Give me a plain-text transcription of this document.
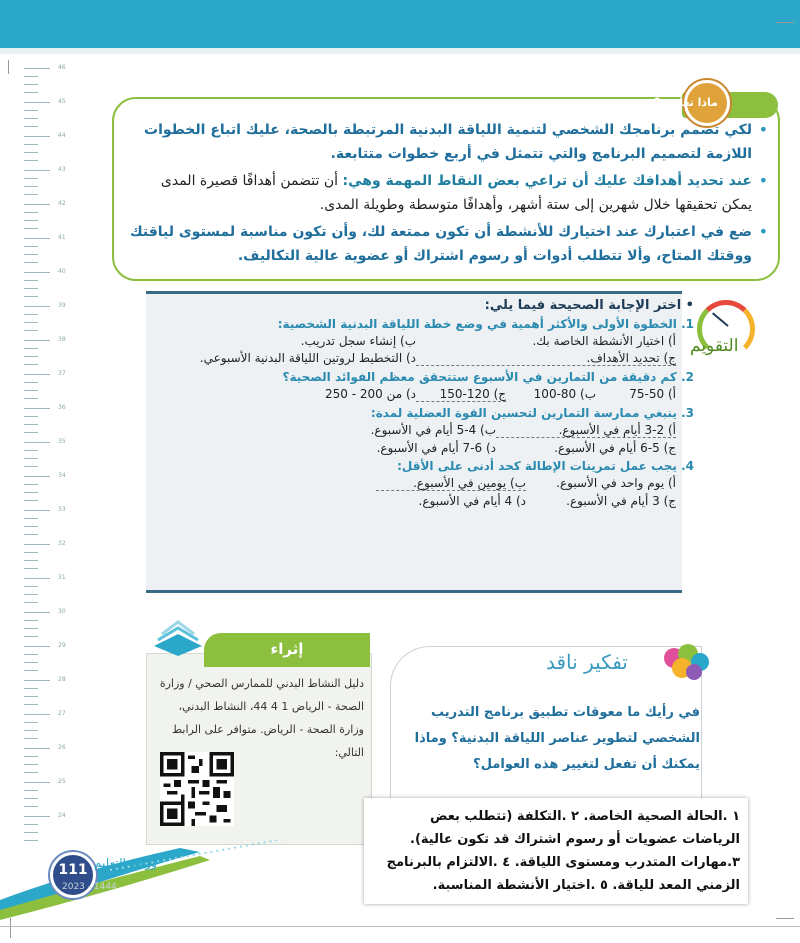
46
45
44
43
42
41
40
39
38
37
36
35
34
33
32
31
30
29
28
27
26
25
24
ماذا تعلمت؟
• لكي تصمم برنامجك الشخصي لتنمية اللياقة البدنية المرتبطة بالصحة، عليك اتباع الخطوات اللازمة لتصميم البرنامج والتي تتمثل في أربع خطوات متتابعة.
• عند تحديد أهدافك عليك أن تراعي بعض النقاط المهمة وهي: أن تتضمن أهدافًا قصيرة المدى يمكن تحقيقها خلال شهرين إلى ستة أشهر، وأهدافًا متوسطة وطويلة المدى.
• ضع في اعتبارك عند اختيارك للأنشطة أن تكون ممتعة لك، وأن تكون مناسبة لمستوى لياقتك ووقتك المتاح، وألا تتطلب أدوات أو رسوم اشتراك أو عضوية عالية التكاليف.
التقويم
• اختر الإجابة الصحيحة فيما يلي:
1. الخطوة الأولى والأكثر أهمية في وضع خطة اللياقة البدنية الشخصية:
أ) اختيار الأنشطة الخاصة بك.
ب) إنشاء سجل تدريب.
ج) تحديد الأهداف.
د) التخطيط لروتين اللياقة البدنية الأسبوعي.
2. كم دقيقة من التمارين في الأسبوع ستتحقق معظم الفوائد الصحية؟
أ) 50-75
ب) 80-100
ج) 120-150
د) من 200 - 250
3. ينبغي ممارسة التمارين لتحسين القوة العضلية لمدة:
أ) 2-3 أيام في الأسبوع.
ب) 4-5 أيام في الأسبوع.
ج) 5-6 أيام في الأسبوع.
د) 6-7 أيام في الأسبوع.
4. يجب عمل تمرينات الإطالة كحد أدنى على الأقل:
أ) يوم واحد في الأسبوع.
ب) يومين في الأسبوع.
ج) 3 أيام في الأسبوع.
د) 4 أيام في الأسبوع.
إثراء
دليل النشاط البدني للممارس الصحي / وزارة الصحة - الرياض 1 4 44، النشاط البدني، وزارة الصحة - الرياض. متوافر على الرابط التالي:
تفكير ناقد
في رأيك ما معوقات تطبيق برنامج التدريب الشخصي لتطوير عناصر اللياقة البدنية؟ وماذا يمكنك أن تفعل لتغيير هذه العوامل؟
١ .الحالة الصحية الخاصة. ٢ .التكلفة (تتطلب بعض الرياضات عضويات أو رسوم اشتراك قد تكون عالية). ٣.مهارات المتدرب ومستوى اللياقة. ٤ .الالتزام بالبرنامج الزمني المعد للياقة. ٥ .اختيار الأنشطة المناسبة.
111 وزارة التعليم
2023 - 1444
